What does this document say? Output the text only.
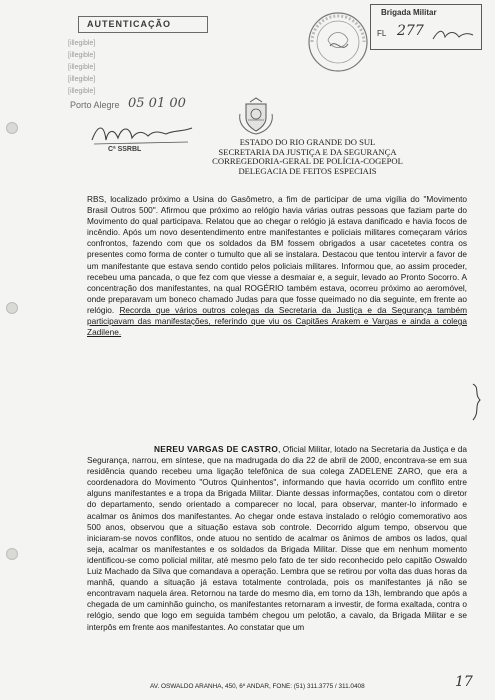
AUTENTICAÇÃO
[illegible]
[illegible]
[illegible]
[illegible]
[illegible]
Porto Alegre 05 01 00
Cª SSRBL
Brigada Militar
FL 277
ESTADO DO RIO GRANDE DO SUL
SECRETARIA DA JUSTIÇA E DA SEGURANÇA
CORREGEDORIA-GERAL DE POLÍCIA-COGEPOL
DELEGACIA DE FEITOS ESPECIAIS
RBS, localizado próximo a Usina do Gasômetro, a fim de participar de uma vigília do "Movimento Brasil Outros 500". Afirmou que próximo ao relógio havia várias outras pessoas que faziam parte do Movimento do qual participava. Relatou que ao chegar o relógio já estava danificado e havia focos de incêndio. Após um novo desentendimento entre manifestantes e policiais militares começaram vários confrontos, fazendo com que os soldados da BM fossem obrigados a usar cacetetes contra os presentes como forma de conter o tumulto que ali se instalara. Destacou que tentou intervir a favor de um manifestante que estava sendo contido pelos policiais militares. Informou que, ao assim proceder, recebeu uma pancada, o que fez com que viesse a desmaiar e, a seguir, levado ao Pronto Socorro. A concentração dos manifestantes, na qual ROGÉRIO também estava, ocorreu próximo ao aeromóvel, onde preparavam um boneco chamado Judas para que fosse queimado no dia seguinte, em frente ao relógio. Recorda que vários outros colegas da Secretaria da Justiça e da Segurança também participavam das manifestações, referindo que viu os Capitães Arakem e Vargas e ainda a colega Zadilene.
NEREU VARGAS DE CASTRO, Oficial Militar, lotado na Secretaria da Justiça e da Segurança, narrou, em síntese, que na madrugada do dia 22 de abril de 2000, encontrava-se em sua residência quando recebeu uma ligação telefônica de sua colega ZADELENE ZARO, que era a coordenadora do Movimento "Outros Quinhentos", informando que havia ocorrido um conflito entre alguns manifestantes e a tropa da Brigada Militar. Diante dessas informações, contatou com o diretor do departamento, sendo orientado a comparecer no local, para observar, manter-lo informado e acalmar os ânimos dos manifestantes. Ao chegar onde estava instalado o relógio comemorativo aos 500 anos, observou que a situação estava sob controle. Decorrido algum tempo, observou que iniciaram-se novos conflitos, onde atuou no sentido de acalmar os ânimos de ambos os lados, qual seja, acalmar os manifestantes e os soldados da Brigada Militar. Disse que em nenhum momento identificou-se como policial militar, até mesmo pelo fato de ter sido reconhecido pelo capitão Oswaldo Luiz Machado da Silva que comandava a operação. Lembra que se retirou por volta das duas horas da manhã, quando a situação já estava totalmente controlada, pois os manifestantes já não se encontravam naquela área. Retornou na tarde do mesmo dia, em torno da 13h, lembrando que após a chegada de um caminhão guincho, os manifestantes retornaram a investir, de forma exaltada, contra o relógio, sendo que logo em seguida também chegou um pelotão, a cavalo, da Brigada Militar e se interpôs em frente aos manifestantes. Ao constatar que um
AV. OSWALDO ARANHA, 450, 6º ANDAR, FONE: (51) 311.3775 / 311.0408	17
